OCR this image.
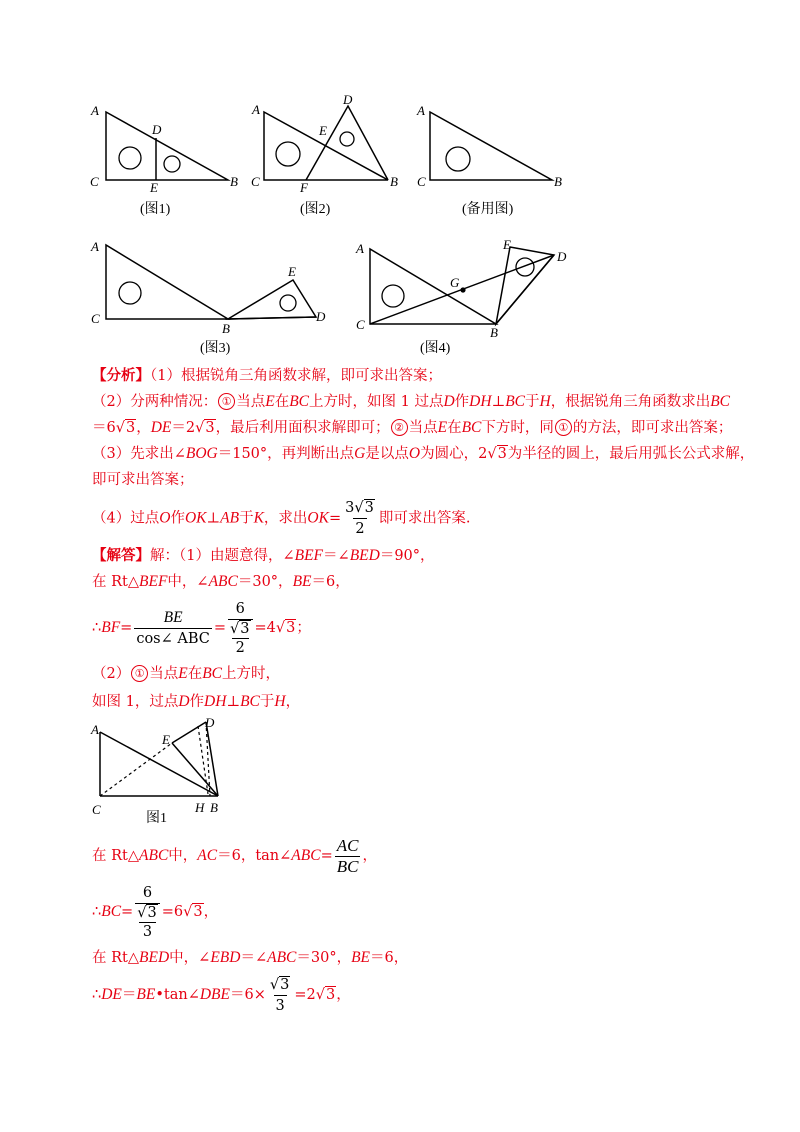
A
D
C	E	B
(图1)
A
D
E
C	F	B
(图2)
A
C	B
(备用图)
A
C
B
E
D
(图3)
A
C
G
E
D
B
(图4)
【分析】（1）根据锐角三角函数求解，即可求出答案；
（2）分两种情况： ① 当点E在BC上方时，如图 1 过点D作DH⊥BC于H，根据锐角三角函数求出BC
＝6√3，DE＝2√3，最后利用面积求解即可； ② 当点E在BC下方时，同 ① 的方法，即可求出答案；
（3）先求出∠BOG＝150°，再判断出点G是以点O为圆心，2√3为半径的圆上，最后用弧长公式求解，
即可求出答案；
（4）过点O作OK⊥AB于K，求出$OK= \frac{3√3}{2}$ 即可求出答案.
【解答】解：（1）由题意得，∠BEF＝∠BED＝90°，
在 Rt△BEF中，∠ABC＝30°，BE＝6，
∴ BF = $\frac{BE}{\text{cos∠ ABC}} = 6$
√3
2 = 4 √3 ；
（2） ① 当点E在BC上方时，
如图 1，过点D作DH⊥BC于H，
A
E
D
C	H B
图1
在 Rt△ ABC 中， AC ＝6，tan∠ ABC = $\frac{AC}{BC}$ ，
∴ BC = 6
√3
3 = 6 √3 ，
在 Rt△BED中，∠EBD＝∠ABC＝30°，BE＝6，
∴ DE ＝ BE •tan∠ DBE $=6\times \frac{√3}{3} =2$ √3 ，
